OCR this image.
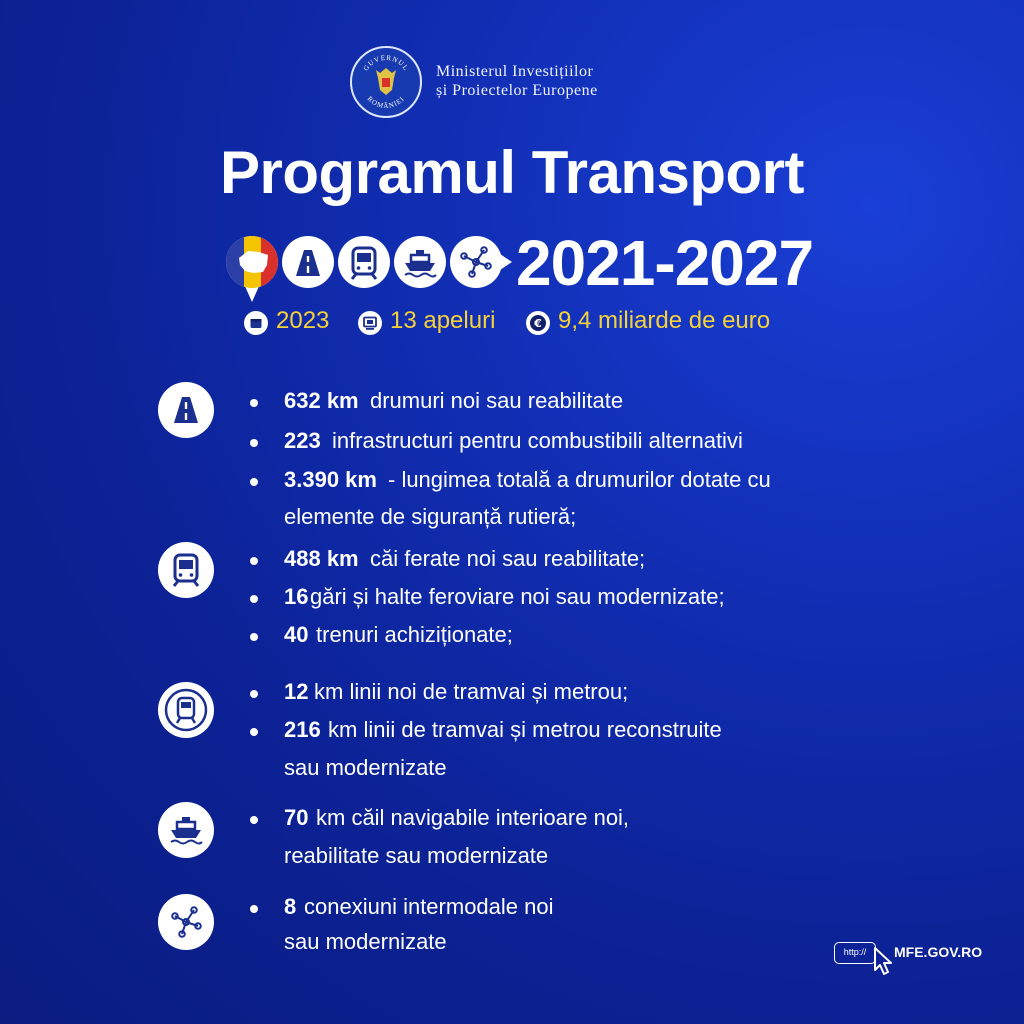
GUVERNUL
ROMÂNIEI
Ministerul Investițiilor
și Proiectelor Europene
Programul Transport
2021-2027
2023	13 apeluri	€ 9,4 miliarde de euro
632 km drumuri noi sau reabilitate
223 infrastructuri pentru combustibili alternativi
3.390 km - lungimea totală a drumurilor dotate cu
elemente de siguranță rutieră;
488 km căi ferate noi sau reabilitate;
16 gări și halte feroviare noi sau modernizate;
40 trenuri achiziționate;
12 km linii noi de tramvai și metrou;
216 km linii de tramvai și metrou reconstruite
sau modernizate
70 km căil navigabile interioare noi,
reabilitate sau modernizate
8 conexiuni intermodale noi
sau modernizate	http://	MFE.GOV.RO
